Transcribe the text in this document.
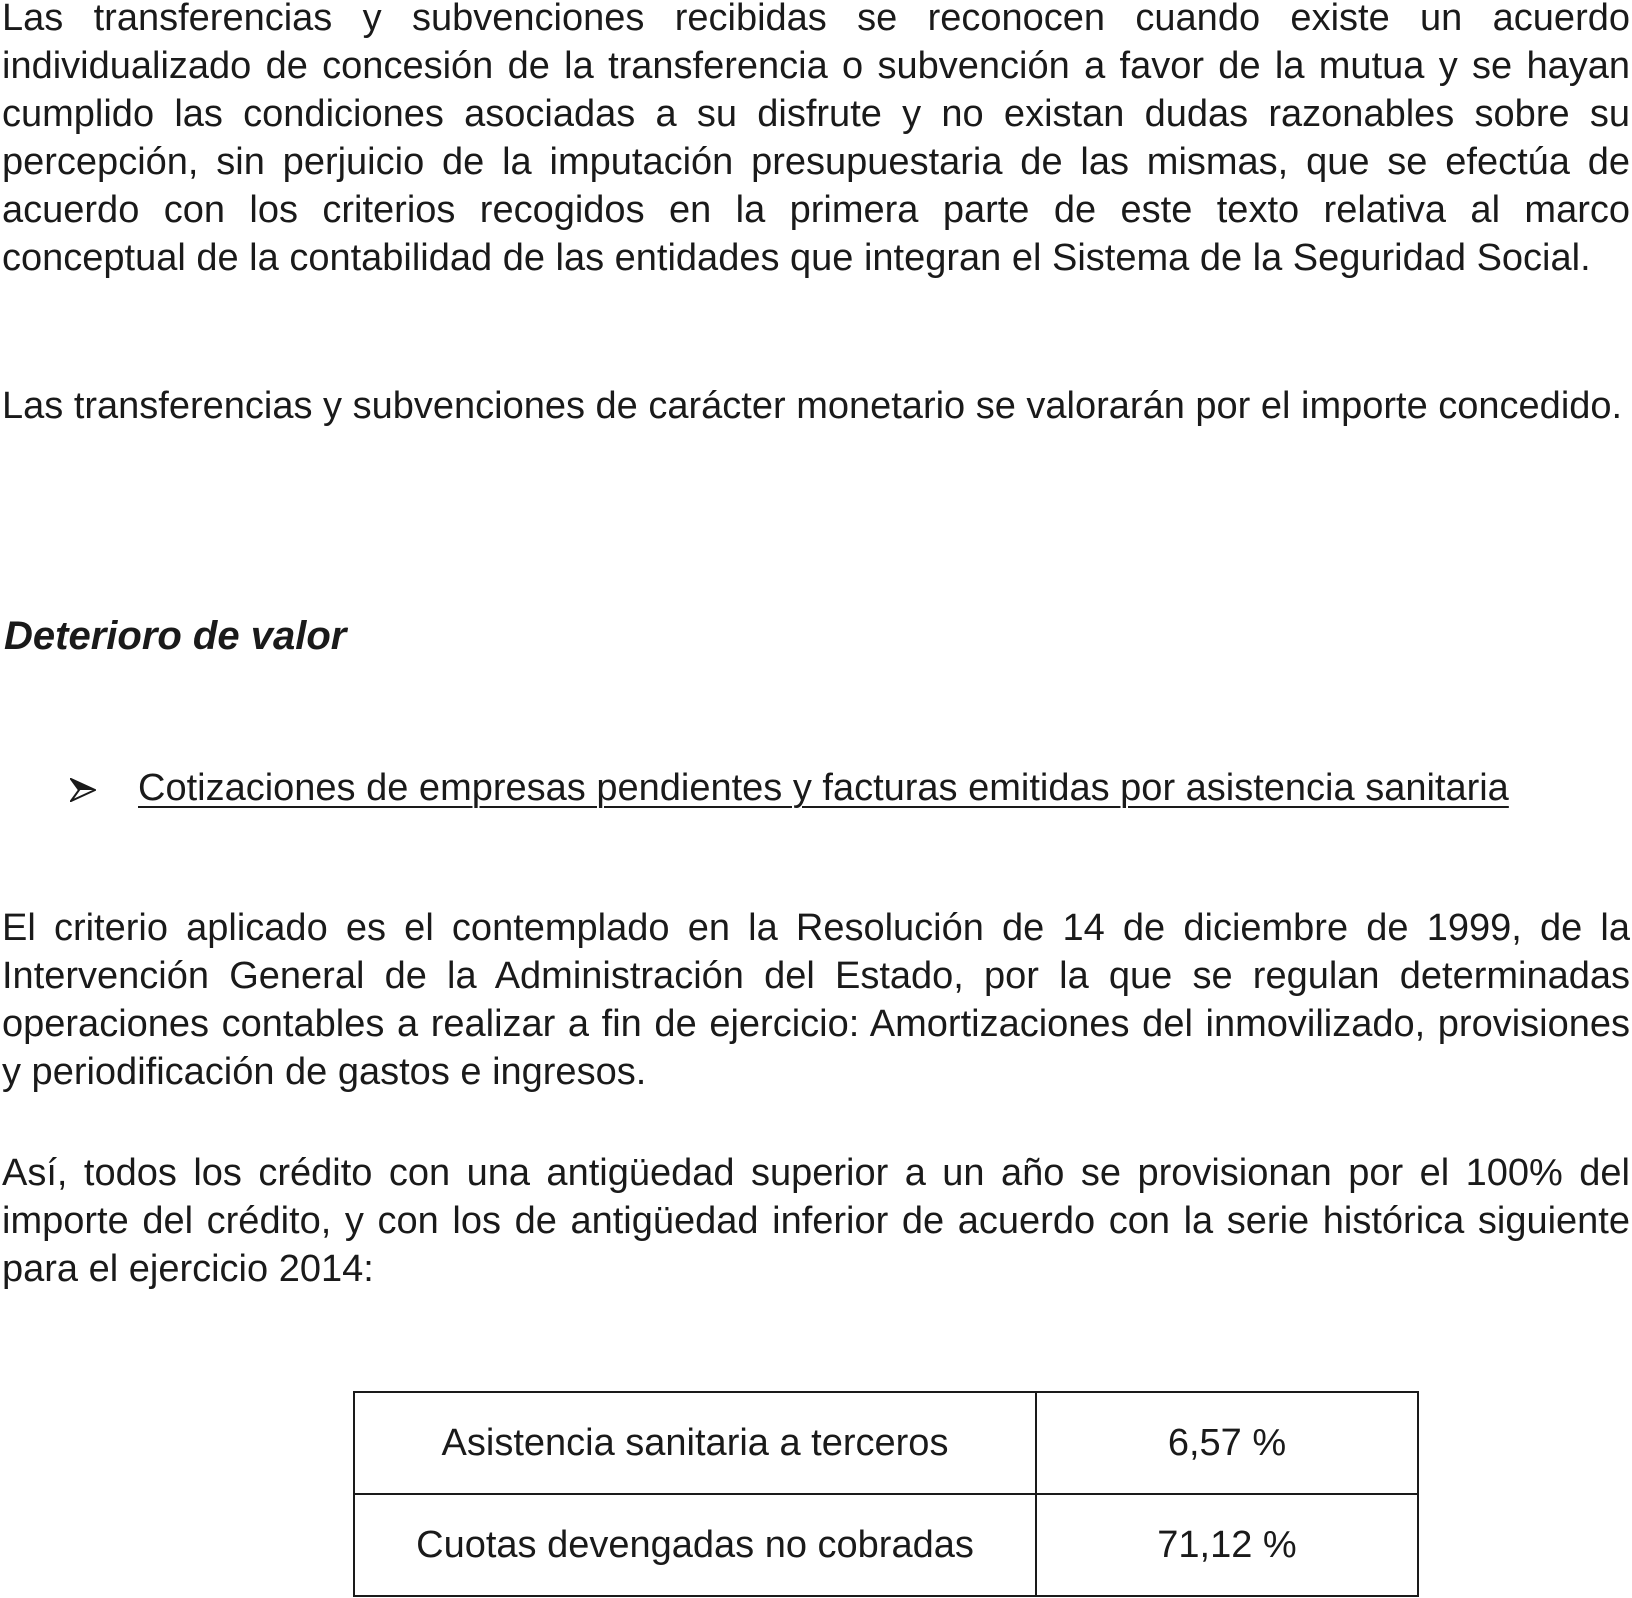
Las transferencias y subvenciones recibidas se reconocen cuando existe un acuerdo individualizado de concesión de la transferencia o subvención a favor de la mutua y se hayan cumplido las condiciones asociadas a su disfrute y no existan dudas razonables sobre su percepción, sin perjuicio de la imputación presupuestaria de las mismas, que se efectúa de acuerdo con los criterios recogidos en la primera parte de este texto relativa al marco conceptual de la contabilidad de las entidades que integran el Sistema de la Seguridad Social.

Las transferencias y subvenciones de carácter monetario se valorarán por el importe concedido.

Deterioro de valor
Cotizaciones de empresas pendientes y facturas emitidas por asistencia sanitaria

El criterio aplicado es el contemplado en la Resolución de 14 de diciembre de 1999, de la Intervención General de la Administración del Estado, por la que se regulan determinadas operaciones contables a realizar a fin de ejercicio: Amortizaciones del inmovilizado, provisiones y periodificación de gastos e ingresos.

Así, todos los crédito con una antigüedad superior a un año se provisionan por el 100% del importe del crédito, y con los de antigüedad inferior de acuerdo con la serie histórica siguiente para el ejercicio 2014:

Asistencia sanitaria a terceros	6,57 %
Cuotas devengadas no cobradas	71,12 %
